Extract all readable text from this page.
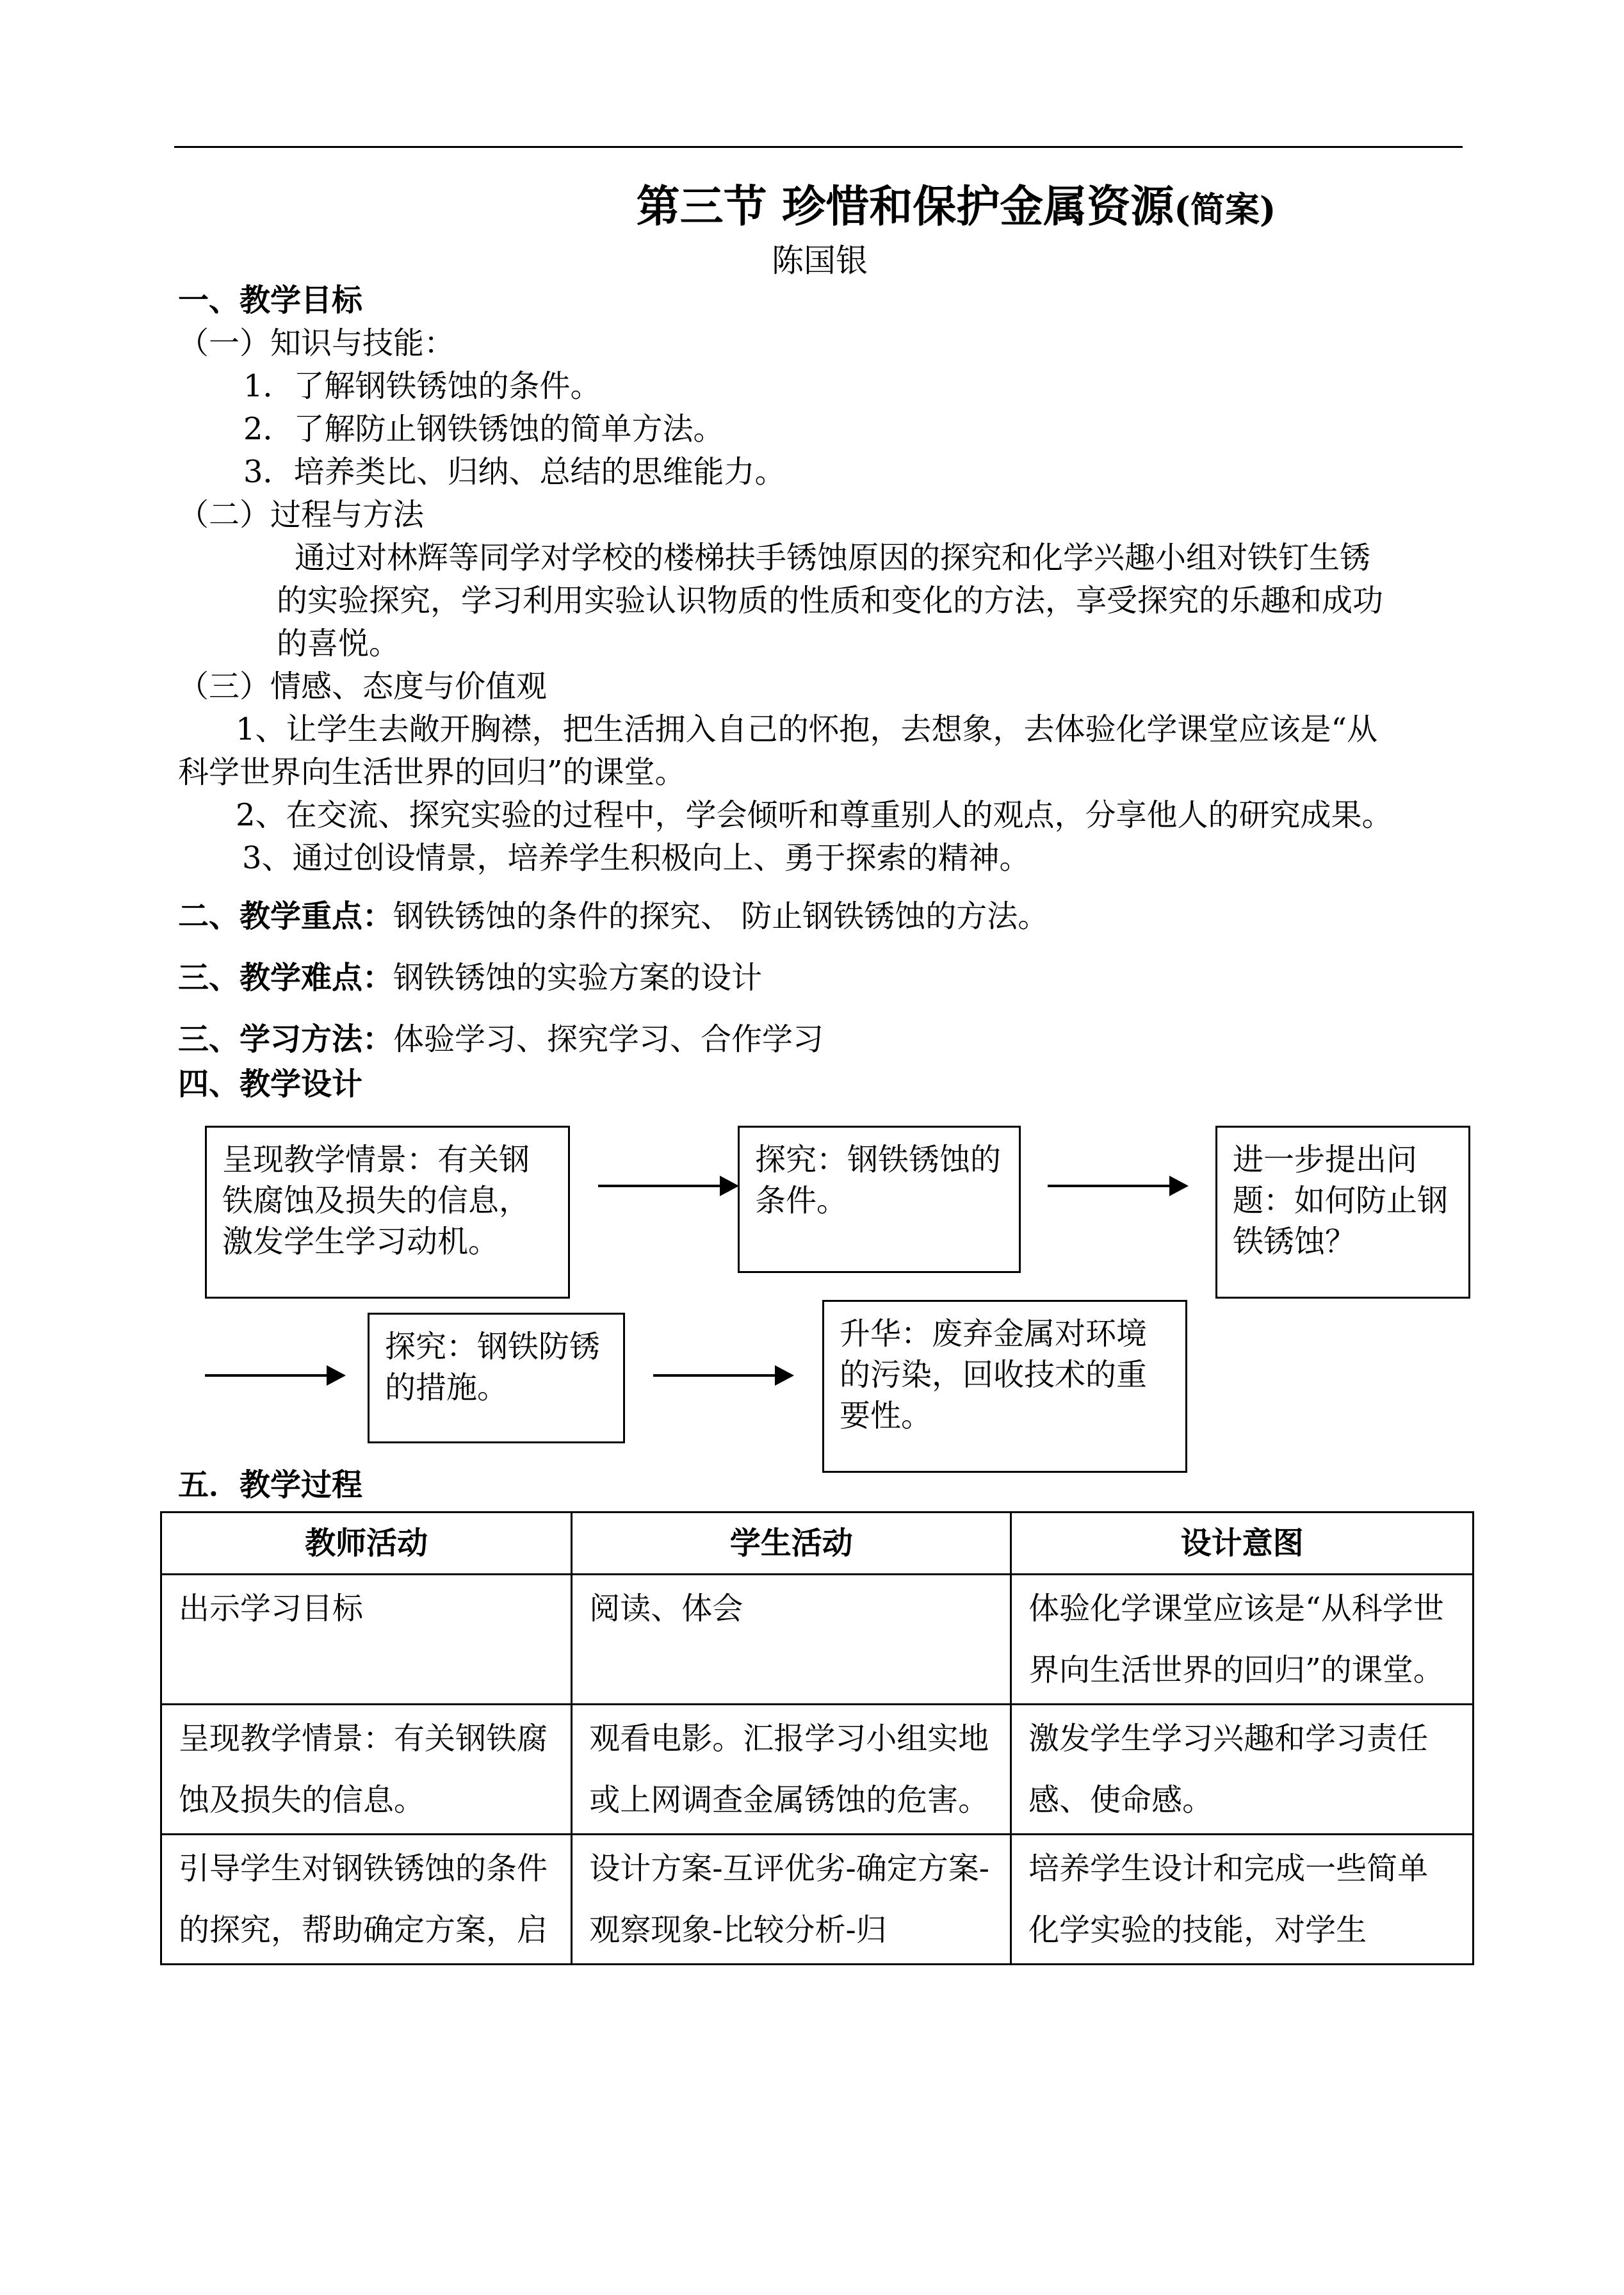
第三节 珍惜和保护金属资源(简案)
陈国银
一、教学目标
（一）知识与技能：
1．了解钢铁锈蚀的条件。
2．了解防止钢铁锈蚀的简单方法。
3．培养类比、归纳、总结的思维能力。
（二）过程与方法
通过对林辉等同学对学校的楼梯扶手锈蚀原因的探究和化学兴趣小组对铁钉生锈
的实验探究，学习利用实验认识物质的性质和变化的方法，享受探究的乐趣和成功
的喜悦。
（三）情感、态度与价值观
1、让学生去敞开胸襟，把生活拥入自己的怀抱，去想象，去体验化学课堂应该是“从
科学世界向生活世界的回归”的课堂。
2、在交流、探究实验的过程中，学会倾听和尊重别人的观点，分享他人的研究成果。
3、通过创设情景，培养学生积极向上、勇于探索的精神。
二、教学重点：钢铁锈蚀的条件的探究、 防止钢铁锈蚀的方法。
三、教学难点：钢铁锈蚀的实验方案的设计
三、学习方法：体验学习、探究学习、合作学习
四、教学设计
呈现教学情景：有关钢铁腐蚀及损失的信息，激发学生学习动机。
探究：钢铁锈蚀的条件。
进一步提出问题：如何防止钢铁锈蚀？
探究：钢铁防锈的措施。
升华：废弃金属对环境的污染，回收技术的重要性。
五．教学过程
教师活动	学生活动	设计意图
出示学习目标	阅读、体会	体验化学课堂应该是“从科学世界向生活世界的回归”的课堂。
呈现教学情景：有关钢铁腐蚀及损失的信息。	观看电影。汇报学习小组实地或上网调查金属锈蚀的危害。	激发学生学习兴趣和学习责任感、使命感。
引导学生对钢铁锈蚀的条件的探究，帮助确定方案，启	设计方案-互评优劣-确定方案-观察现象-比较分析-归	培养学生设计和完成一些简单化学实验的技能，对学生
